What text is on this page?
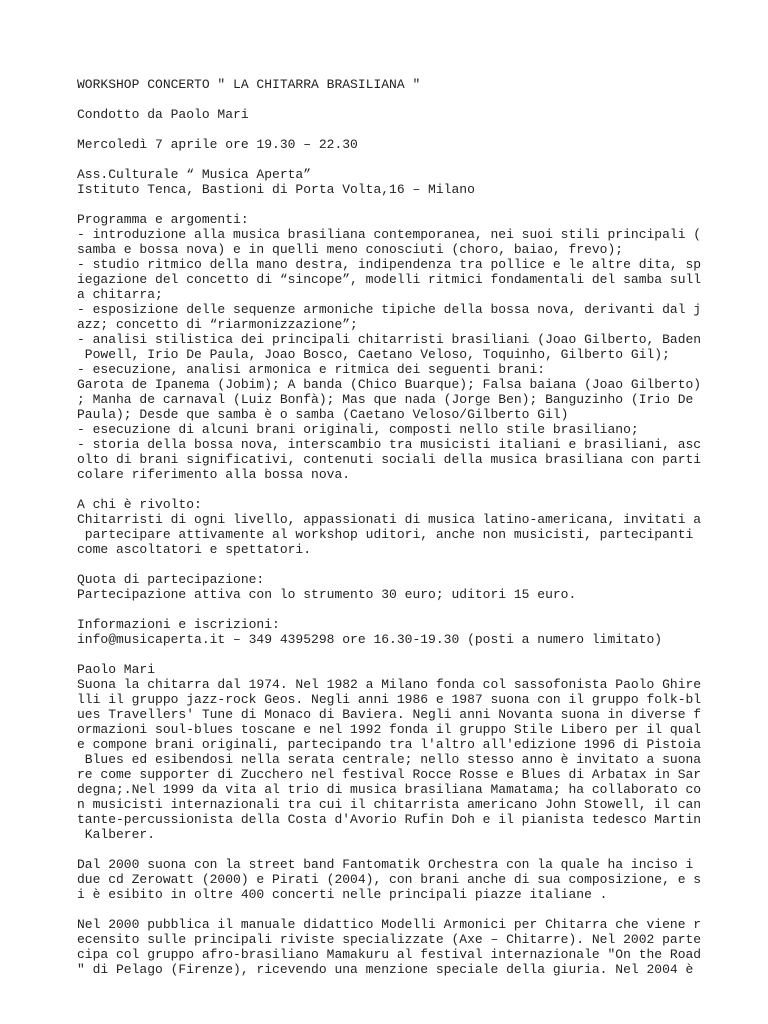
WORKSHOP CONCERTO " LA CHITARRA BRASILIANA "
Condotto da Paolo Mari
Mercoledì 7 aprile ore 19.30 – 22.30
Ass.Culturale “ Musica Aperta”
Istituto Tenca, Bastioni di Porta Volta,16 – Milano
Programma e argomenti:
- introduzione alla musica brasiliana contemporanea, nei suoi stili principali (
samba e bossa nova) e in quelli meno conosciuti (choro, baiao, frevo);
- studio ritmico della mano destra, indipendenza tra pollice e le altre dita, sp
iegazione del concetto di “sincope”, modelli ritmici fondamentali del samba sull
a chitarra;
- esposizione delle sequenze armoniche tipiche della bossa nova, derivanti dal j
azz; concetto di “riarmonizzazione”;
- analisi stilistica dei principali chitarristi brasiliani (Joao Gilberto, Baden
Powell, Irio De Paula, Joao Bosco, Caetano Veloso, Toquinho, Gilberto Gil);
- esecuzione, analisi armonica e ritmica dei seguenti brani:
Garota de Ipanema (Jobim); A banda (Chico Buarque); Falsa baiana (Joao Gilberto)
; Manha de carnaval (Luiz Bonfà); Mas que nada (Jorge Ben); Banguzinho (Irio De
Paula); Desde que samba è o samba (Caetano Veloso/Gilberto Gil)
- esecuzione di alcuni brani originali, composti nello stile brasiliano;
- storia della bossa nova, interscambio tra musicisti italiani e brasiliani, asc
olto di brani significativi, contenuti sociali della musica brasiliana con parti
colare riferimento alla bossa nova.
A chi è rivolto:
Chitarristi di ogni livello, appassionati di musica latino-americana, invitati a
partecipare attivamente al workshop uditori, anche non musicisti, partecipanti
come ascoltatori e spettatori.
Quota di partecipazione:
Partecipazione attiva con lo strumento 30 euro; uditori 15 euro.
Informazioni e iscrizioni:
info@musicaperta.it – 349 4395298 ore 16.30-19.30 (posti a numero limitato)
Paolo Mari
Suona la chitarra dal 1974. Nel 1982 a Milano fonda col sassofonista Paolo Ghire
lli il gruppo jazz-rock Geos. Negli anni 1986 e 1987 suona con il gruppo folk-bl
ues Travellers' Tune di Monaco di Baviera. Negli anni Novanta suona in diverse f
ormazioni soul-blues toscane e nel 1992 fonda il gruppo Stile Libero per il qual
e compone brani originali, partecipando tra l'altro all'edizione 1996 di Pistoia
Blues ed esibendosi nella serata centrale; nello stesso anno è invitato a suona
re come supporter di Zucchero nel festival Rocce Rosse e Blues di Arbatax in Sar
degna;.Nel 1999 da vita al trio di musica brasiliana Mamatama; ha collaborato co
n musicisti internazionali tra cui il chitarrista americano John Stowell, il can
tante-percussionista della Costa d'Avorio Rufin Doh e il pianista tedesco Martin
Kalberer.
Dal 2000 suona con la street band Fantomatik Orchestra con la quale ha inciso i
due cd Zerowatt (2000) e Pirati (2004), con brani anche di sua composizione, e s
i è esibito in oltre 400 concerti nelle principali piazze italiane .
Nel 2000 pubblica il manuale didattico Modelli Armonici per Chitarra che viene r
ecensito sulle principali riviste specializzate (Axe – Chitarre). Nel 2002 parte
cipa col gruppo afro-brasiliano Mamakuru al festival internazionale "On the Road
" di Pelago (Firenze), ricevendo una menzione speciale della giuria. Nel 2004 è
